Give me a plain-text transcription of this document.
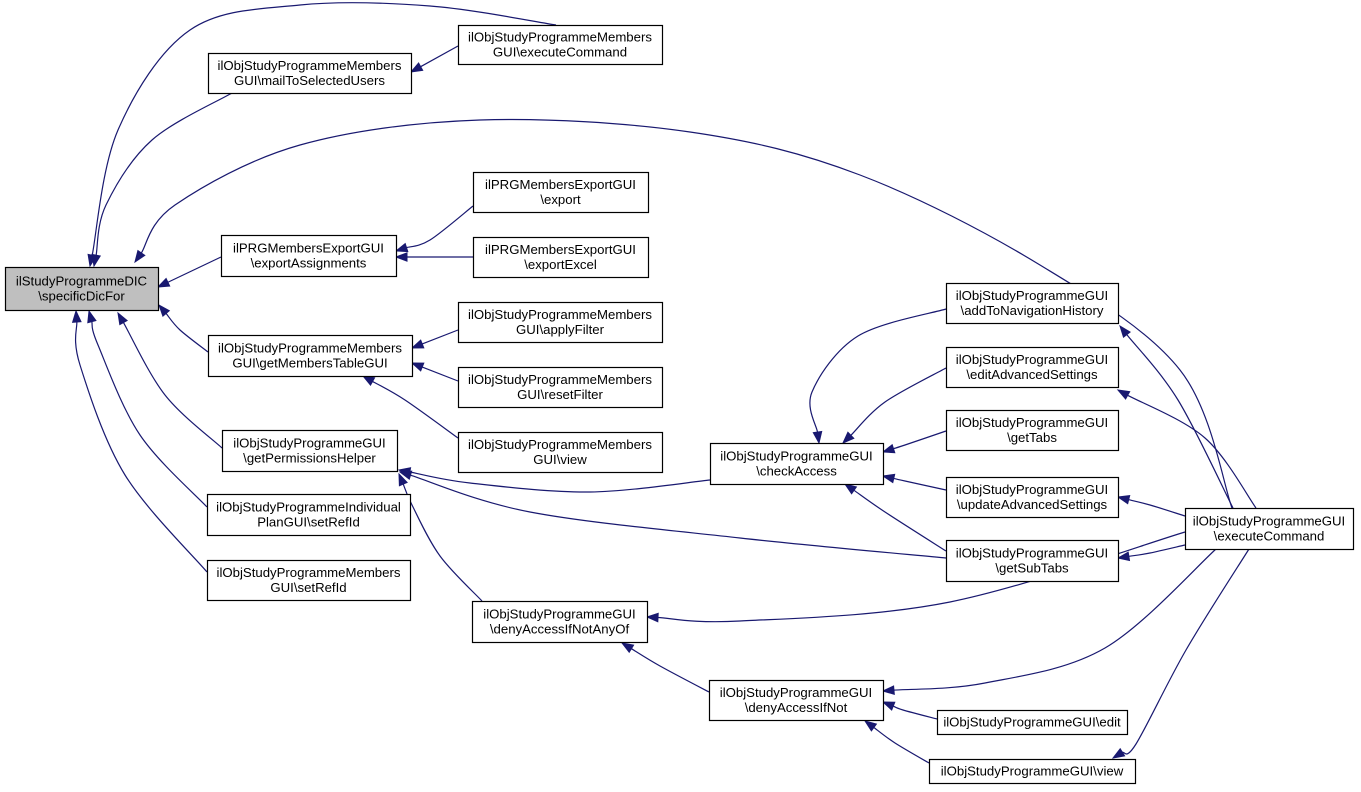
ilStudyProgrammeDIC
\specificDicFor
ilObjStudyProgrammeMembers
GUI\executeCommand
ilObjStudyProgrammeMembers
GUI\mailToSelectedUsers
ilPRGMembersExportGUI
\export
ilPRGMembersExportGUI
\exportAssignments
ilPRGMembersExportGUI
\exportExcel
ilObjStudyProgrammeMembers
GUI\applyFilter
ilObjStudyProgrammeMembers
GUI\getMembersTableGUI
ilObjStudyProgrammeMembers
GUI\resetFilter
ilObjStudyProgrammeMembers
GUI\view
ilObjStudyProgrammeGUI
\getPermissionsHelper	ilObjStudyProgrammeGUI
\checkAccess
ilObjStudyProgrammeGUI
\addToNavigationHistory
ilObjStudyProgrammeGUI
\editAdvancedSettings
ilObjStudyProgrammeGUI
\getTabs
ilObjStudyProgrammeGUI
\updateAdvancedSettings
ilObjStudyProgrammeGUI
\getSubTabs
ilObjStudyProgrammeGUI
\executeCommand
ilObjStudyProgrammeIndividual
PlanGUI\setRefId
ilObjStudyProgrammeMembers
GUI\setRefId
ilObjStudyProgrammeGUI
\denyAccessIfNotAnyOf
ilObjStudyProgrammeGUI
\denyAccessIfNot
ilObjStudyProgrammeGUI\edit
ilObjStudyProgrammeGUI\view
